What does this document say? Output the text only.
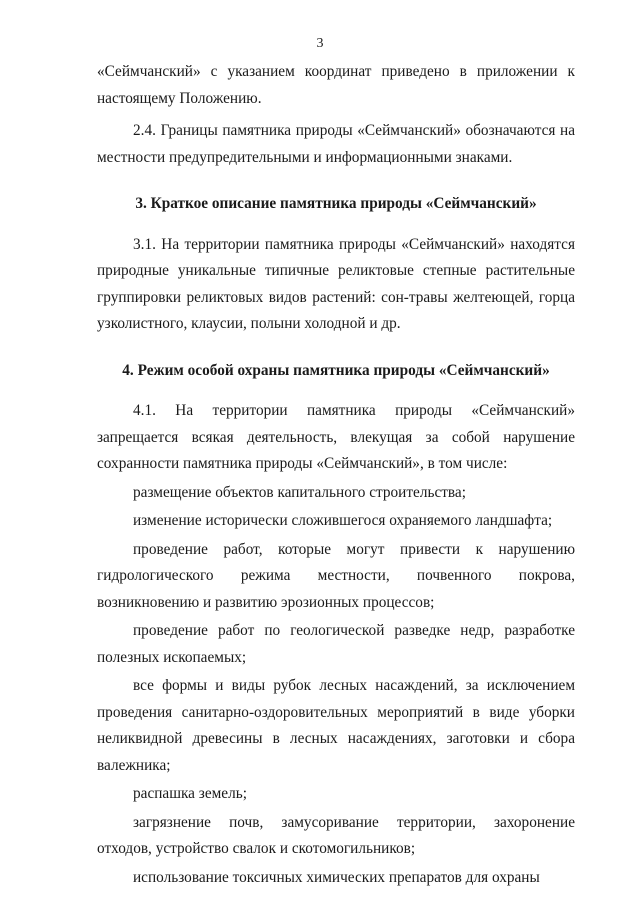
3

«Сеймчанский» с указанием координат приведено в приложении к настоящему Положению.

2.4. Границы памятника природы «Сеймчанский» обозначаются на местности предупредительными и информационными знаками.

3. Краткое описание памятника природы «Сеймчанский»

3.1. На территории памятника природы «Сеймчанский» находятся природные уникальные типичные реликтовые степные растительные группировки реликтовых видов растений: сон-травы желтеющей, горца узколистного, клаусии, полыни холодной и др.

4. Режим особой охраны памятника природы «Сеймчанский»

4.1. На территории памятника природы «Сеймчанский» запрещается всякая деятельность, влекущая за собой нарушение сохранности памятника природы «Сеймчанский», в том числе:

размещение объектов капитального строительства;

изменение исторически сложившегося охраняемого ландшафта;

проведение работ, которые могут привести к нарушению гидрологического режима местности, почвенного покрова, возникновению и развитию эрозионных процессов;

проведение работ по геологической разведке недр, разработке полезных ископаемых;

все формы и виды рубок лесных насаждений, за исключением проведения санитарно-оздоровительных мероприятий в виде уборки неликвидной древесины в лесных насаждениях, заготовки и сбора валежника;

распашка земель;

загрязнение почв, замусоривание территории, захоронение отходов, устройство свалок и скотомогильников;

использование токсичных химических препаратов для охраны
